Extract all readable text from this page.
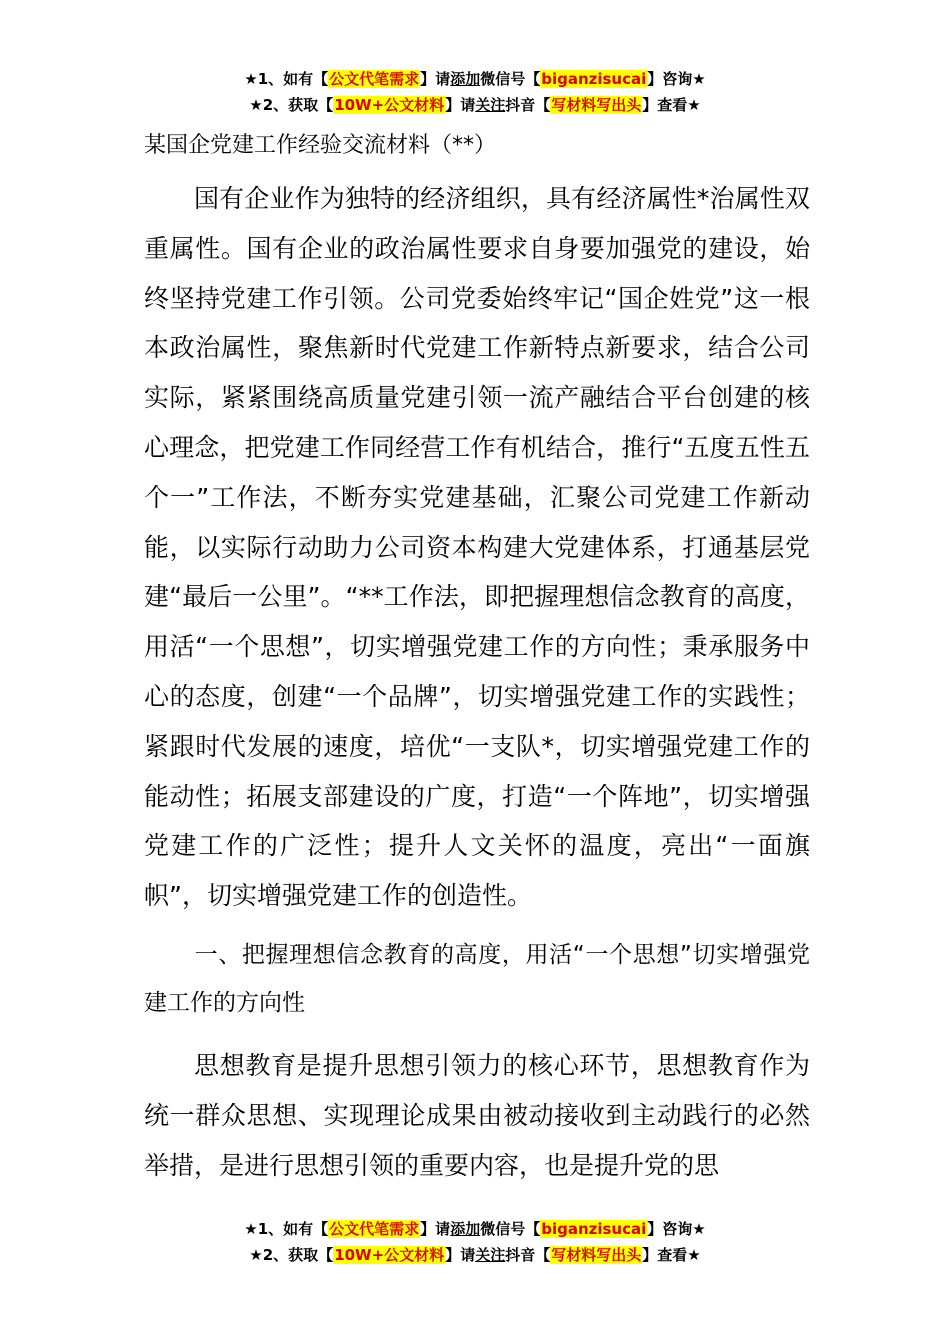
★1、如有【公文代笔需求】请添加微信号【biganzisucai】咨询★
★2、获取【10W+公文材料】请关注抖音【写材料写出头】查看★

某国企党建工作经验交流材料（**）

国有企业作为独特的经济组织，具有经济属性*治属性双重属性。国有企业的政治属性要求自身要加强党的建设，始终坚持党建工作引领。公司党委始终牢记“国企姓党”这一根本政治属性，聚焦新时代党建工作新特点新要求，结合公司实际，紧紧围绕高质量党建引领一流产融结合平台创建的核心理念，把党建工作同经营工作有机结合，推行“五度五性五个一”工作法，不断夯实党建基础，汇聚公司党建工作新动能，以实际行动助力公司资本构建大党建体系，打通基层党建“最后一公里”。“**工作法，即把握理想信念教育的高度，用活“一个思想”，切实增强党建工作的方向性；秉承服务中心的态度，创建“一个品牌”，切实增强党建工作的实践性；紧跟时代发展的速度，培优“一支队*，切实增强党建工作的能动性；拓展支部建设的广度，打造“一个阵地”，切实增强党建工作的广泛性；提升人文关怀的温度，亮出“一面旗帜”，切实增强党建工作的创造性。

一、把握理想信念教育的高度，用活“一个思想”切实增强党建工作的方向性

思想教育是提升思想引领力的核心环节，思想教育作为统一群众思想、实现理论成果由被动接收到主动践行的必然举措，是进行思想引领的重要内容，也是提升党的思

★1、如有【公文代笔需求】请添加微信号【biganzisucai】咨询★
★2、获取【10W+公文材料】请关注抖音【写材料写出头】查看★
